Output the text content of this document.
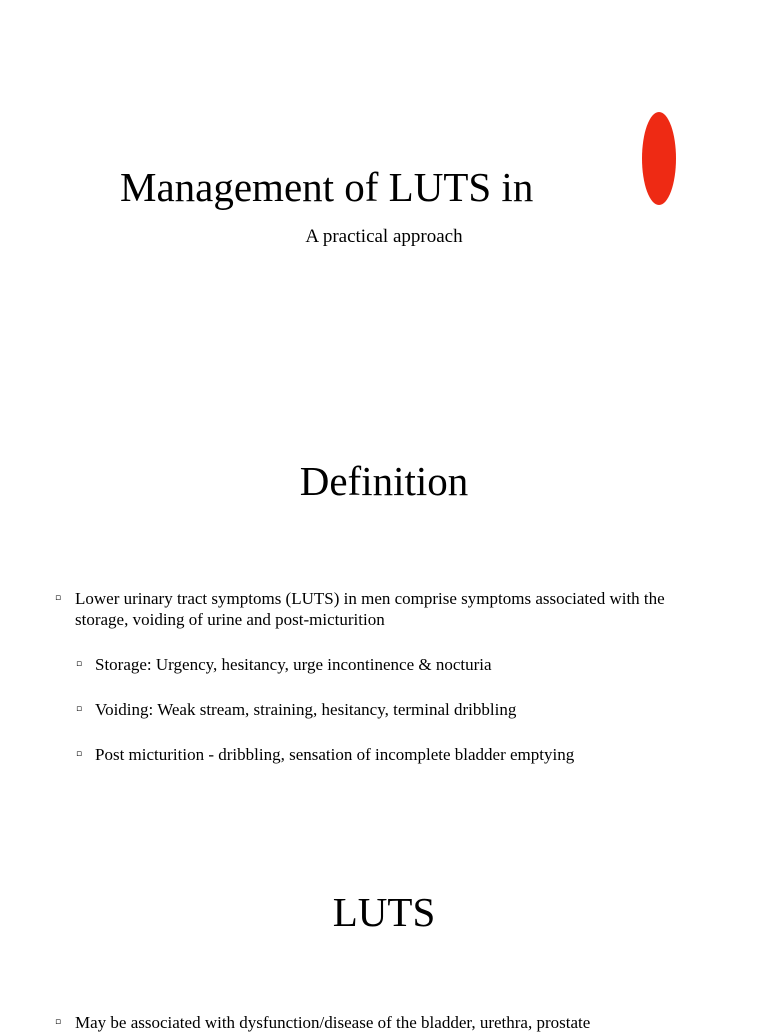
Management of LUTS in
A practical approach
Definition
▫ Lower urinary tract symptoms (LUTS) in men comprise symptoms associated with the storage, voiding of urine and post-micturition
▫ Storage: Urgency, hesitancy, urge incontinence & nocturia
▫ Voiding: Weak stream, straining, hesitancy, terminal dribbling
▫ Post micturition - dribbling, sensation of incomplete bladder emptying
LUTS
▫ May be associated with dysfunction/disease of the bladder, urethra, prostate
